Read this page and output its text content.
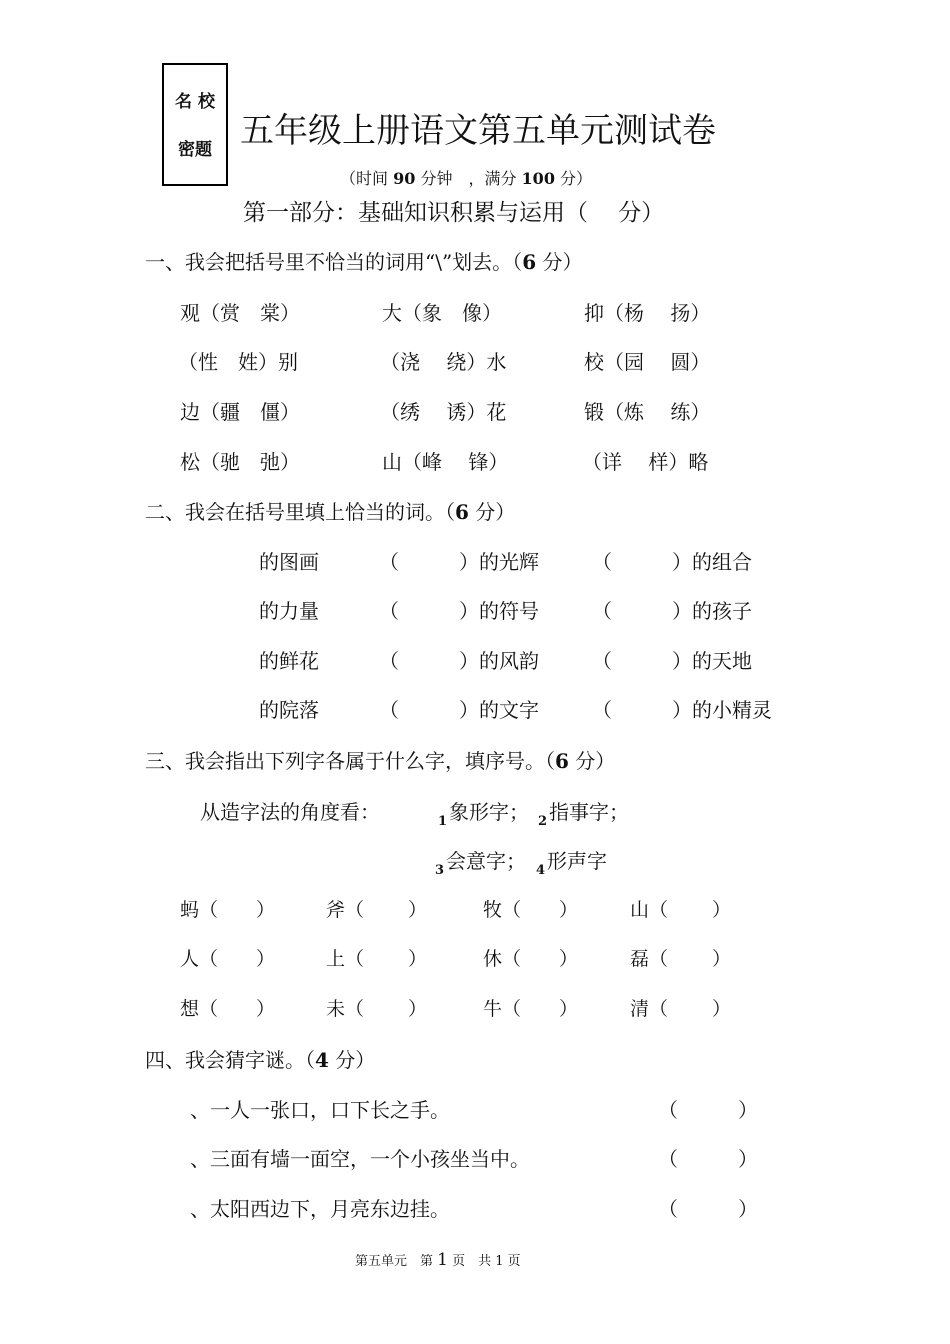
名 校
密题 五年级上册语文第五单元测试卷
（时间 90 分钟　，满分 100 分）
第一部分：基础知识积累与运用（　 分）
一、我会把括号里不恰当的词用“\”划去。（6 分）
观（赏　棠）	大（象　像）	抑（杨　 扬）
（性　姓）别	（浇　 绕）水	校（园　 圆）
边（疆　僵）	（绣　 诱）花	锻（炼　 练）
松（驰　弛）	山（峰　 锋）	（详　 样）略
二、我会在括号里填上恰当的词。（6 分）
的图画	（　　　）的光辉	（　　　）的组合
的力量	（　　　）的符号	（　　　）的孩子
的鲜花	（　　　）的风韵	（　　　）的天地
的院落	（　　　）的文字	（　　　）的小精灵
三、我会指出下列字各属于什么字，填序号。（6 分）
从造字法的角度看：	$_1$ 象形字； $_2$ 指事字；
$_3$ 会意字； $_4$ 形声字
蚂（　　）	斧（　　 ）	牧（　　）	山（　　 ）
人（　　）	上（　　 ）	休（　　）	磊（　　 ）
想（　　）	未（　　 ）	牛（　　）	清（　　 ）
四、我会猜字谜。（4 分）
、一人一张口，口下长之手。	（　　　）
、三面有墙一面空，一个小孩坐当中。	（　　　）
、太阳西边下，月亮东边挂。	（　　　）
第五单元　第 1 页　共 1 页
